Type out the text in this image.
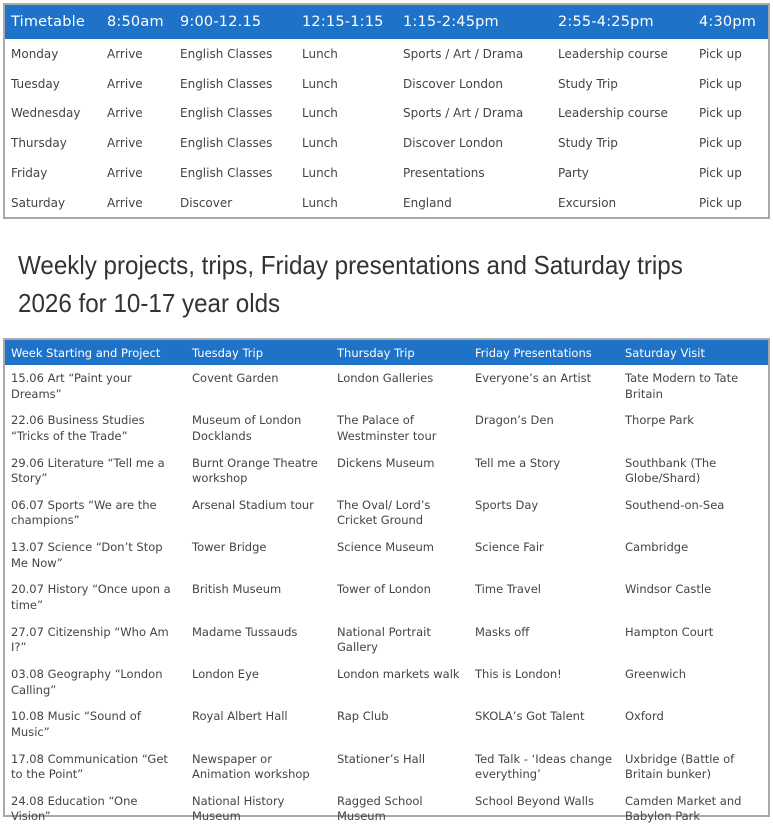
Timetable	8:50am	9:00-12.15	12:15-1:15	1:15-2:45pm	2:55-4:25pm	4:30pm
Monday	Arrive	English Classes	Lunch	Sports / Art / Drama	Leadership course	Pick up
Tuesday	Arrive	English Classes	Lunch	Discover London	Study Trip	Pick up
Wednesday	Arrive	English Classes	Lunch	Sports / Art / Drama	Leadership course	Pick up
Thursday	Arrive	English Classes	Lunch	Discover London	Study Trip	Pick up
Friday	Arrive	English Classes	Lunch	Presentations	Party	Pick up
Saturday	Arrive	Discover	Lunch	England	Excursion	Pick up
Weekly projects, trips, Friday presentations and Saturday trips 2026 for 10-17 year olds
Week Starting and Project	Tuesday Trip	Thursday Trip	Friday Presentations	Saturday Visit
15.06 Art “Paint your Dreams”	Covent Garden	London Galleries	Everyone’s an Artist	Tate Modern to Tate Britain
22.06 Business Studies “Tricks of the Trade”	Museum of London Docklands	The Palace of Westminster tour	Dragon’s Den	Thorpe Park
29.06 Literature “Tell me a Story”	Burnt Orange Theatre workshop	Dickens Museum	Tell me a Story	Southbank (The Globe/Shard)
06.07 Sports “We are the champions”	Arsenal Stadium tour	The Oval/ Lord’s Cricket Ground	Sports Day	Southend-on-Sea
13.07 Science “Don’t Stop Me Now”	Tower Bridge	Science Museum	Science Fair	Cambridge
20.07 History “Once upon a time”	British Museum	Tower of London	Time Travel	Windsor Castle
27.07 Citizenship “Who Am I?”	Madame Tussauds	National Portrait Gallery	Masks off	Hampton Court
03.08 Geography “London Calling”	London Eye	London markets walk	This is London!	Greenwich
10.08 Music “Sound of Music”	Royal Albert Hall	Rap Club	SKOLA’s Got Talent	Oxford
17.08 Communication “Get to the Point”	Newspaper or Animation workshop	Stationer’s Hall	Ted Talk - ‘Ideas change everything’	Uxbridge (Battle of Britain bunker)
24.08 Education “One Vision”	National History Museum	Ragged School Museum	School Beyond Walls	Camden Market and Babylon Park
